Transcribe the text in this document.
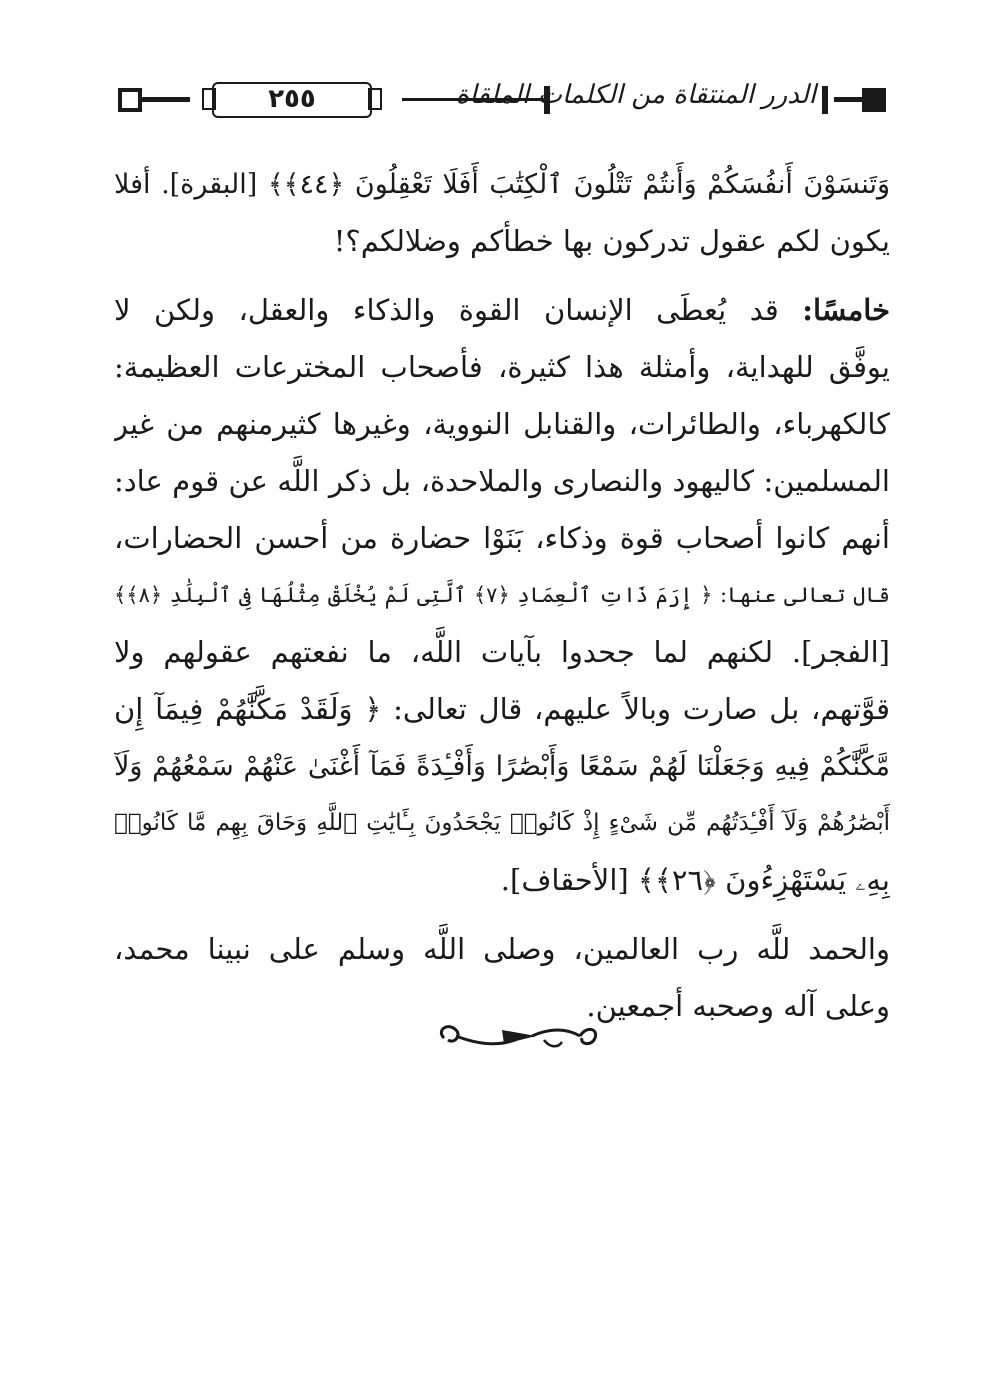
٢٥٥	الدرر المنتقاة من الكلمات الملقاة
وَتَنسَوْنَ أَنفُسَكُمْ وَأَنتُمْ تَتْلُونَ ٱلْكِتَٰبَ أَفَلَا تَعْقِلُونَ ﴿٤٤﴾﴾ [البقرة]. أفلا
يكون لكم عقول تدركون بها خطأكم وضلالكم؟!
خامسًا: قد يُعطَى الإنسان القوة والذكاء والعقل، ولكن لا
يوفَّق للهداية، وأمثلة هذا كثيرة، فأصحاب المخترعات العظيمة:
كالكهرباء، والطائرات، والقنابل النووية، وغيرها كثيرمنهم من غير
المسلمين: كاليهود والنصارى والملاحدة، بل ذكر اللَّه عن قوم عاد:
أنهم كانوا أصحاب قوة وذكاء، بَنَوْا حضارة من أحسن الحضارات،
قال تعالى عنها: ﴿ إِرَمَ ذَاتِ ٱلْعِمَادِ ﴿٧﴾ ٱلَّتِى لَمْ يُخْلَقْ مِثْلُهَا فِى ٱلْبِلَٰدِ ﴿٨﴾﴾
[الفجر]. لكنهم لما جحدوا بآيات اللَّه، ما نفعتهم عقولهم ولا
قوَّتهم، بل صارت وبالاً عليهم، قال تعالى: ﴿ وَلَقَدْ مَكَّنَّٰهُمْ فِيمَآ إِن
مَّكَّنَّٰكُمْ فِيهِ وَجَعَلْنَا لَهُمْ سَمْعًا وَأَبْصَٰرًا وَأَفْـِٔدَةً فَمَآ أَغْنَىٰ عَنْهُمْ سَمْعُهُمْ وَلَآ
أَبْصَٰرُهُمْ وَلَآ أَفْـِٔدَتُهُم مِّن شَىْءٍ إِذْ كَانُوا۟ يَجْحَدُونَ بِـَٔايَٰتِ ٱللَّهِ وَحَاقَ بِهِم مَّا كَانُوا۟
بِهِۦ يَسْتَهْزِءُونَ ﴿٢٦﴾﴾ [الأحقاف].
والحمد للَّه رب العالمين، وصلى اللَّه وسلم على نبينا محمد،
وعلى آله وصحبه أجمعين.
